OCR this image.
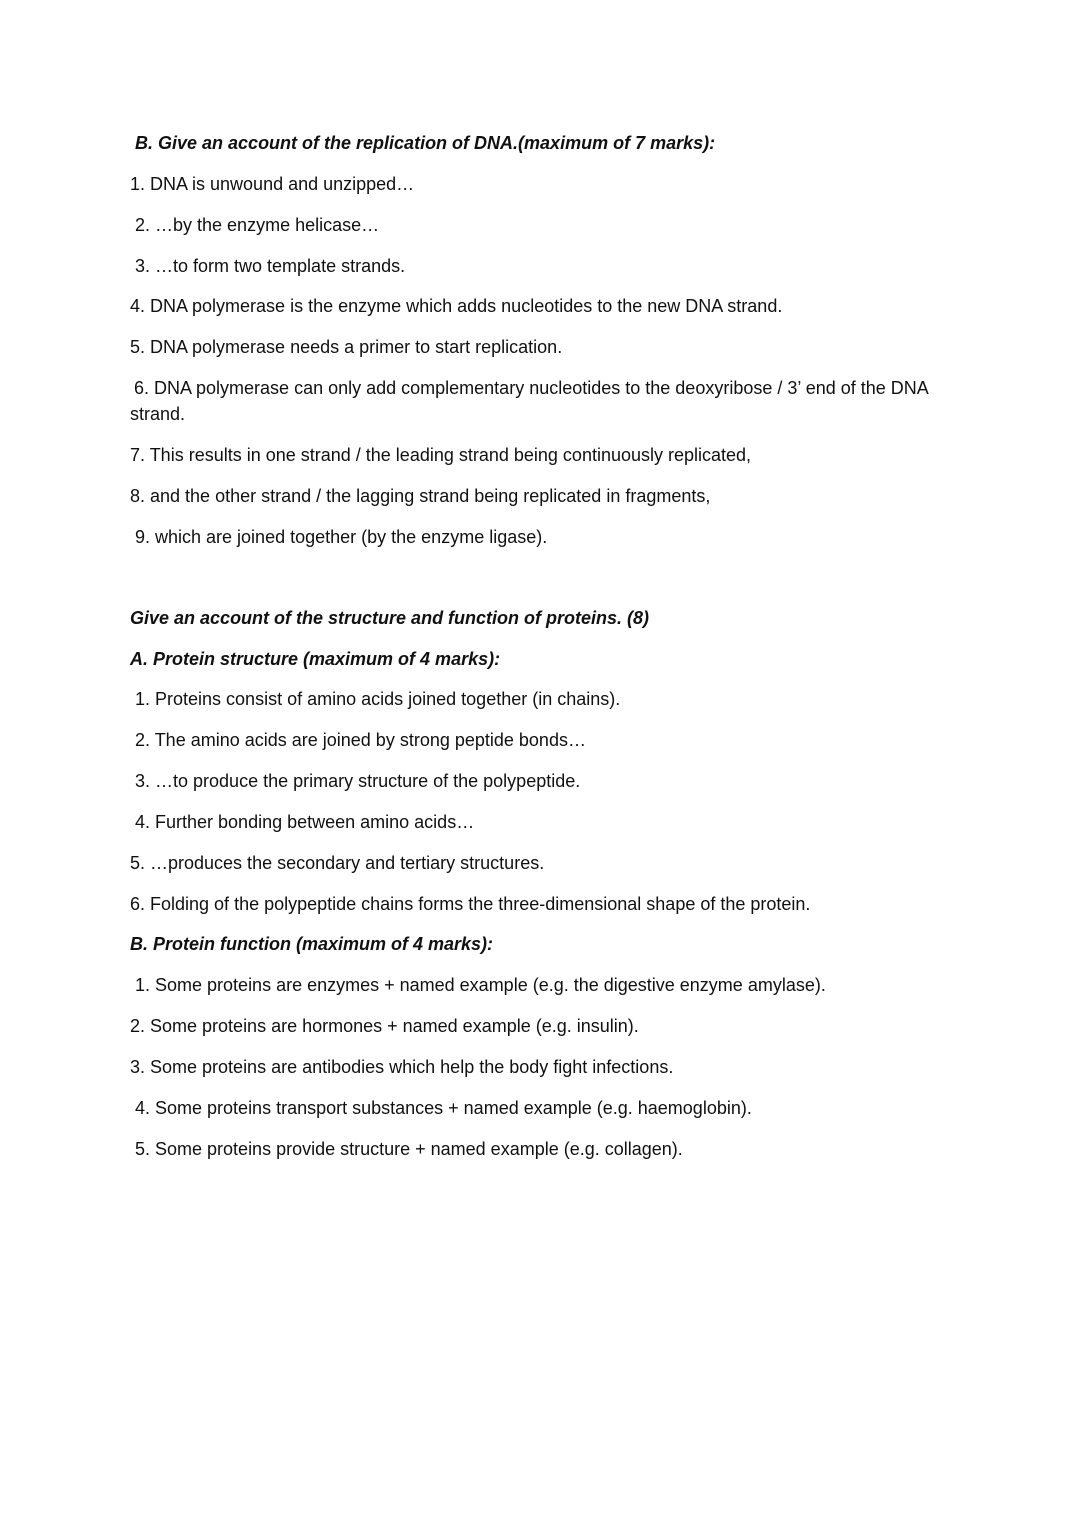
B. Give an account of the replication of DNA.(maximum of 7 marks):
1. DNA is unwound and unzipped…
2. …by the enzyme helicase…
3. …to form two template strands.
4. DNA polymerase is the enzyme which adds nucleotides to the new DNA strand.
5. DNA polymerase needs a primer to start replication.
6. DNA polymerase can only add complementary nucleotides to the deoxyribose / 3’ end of the DNA strand.
7. This results in one strand / the leading strand being continuously replicated,
8. and the other strand / the lagging strand being replicated in fragments,
9. which are joined together (by the enzyme ligase).
Give an account of the structure and function of proteins. (8)
A. Protein structure (maximum of 4 marks):
1. Proteins consist of amino acids joined together (in chains).
2. The amino acids are joined by strong peptide bonds…
3. …to produce the primary structure of the polypeptide.
4. Further bonding between amino acids…
5. …produces the secondary and tertiary structures.
6. Folding of the polypeptide chains forms the three-dimensional shape of the protein.
B. Protein function (maximum of 4 marks):
1. Some proteins are enzymes + named example (e.g. the digestive enzyme amylase).
2. Some proteins are hormones + named example (e.g. insulin).
3. Some proteins are antibodies which help the body fight infections.
4. Some proteins transport substances + named example (e.g. haemoglobin).
5. Some proteins provide structure + named example (e.g. collagen).
